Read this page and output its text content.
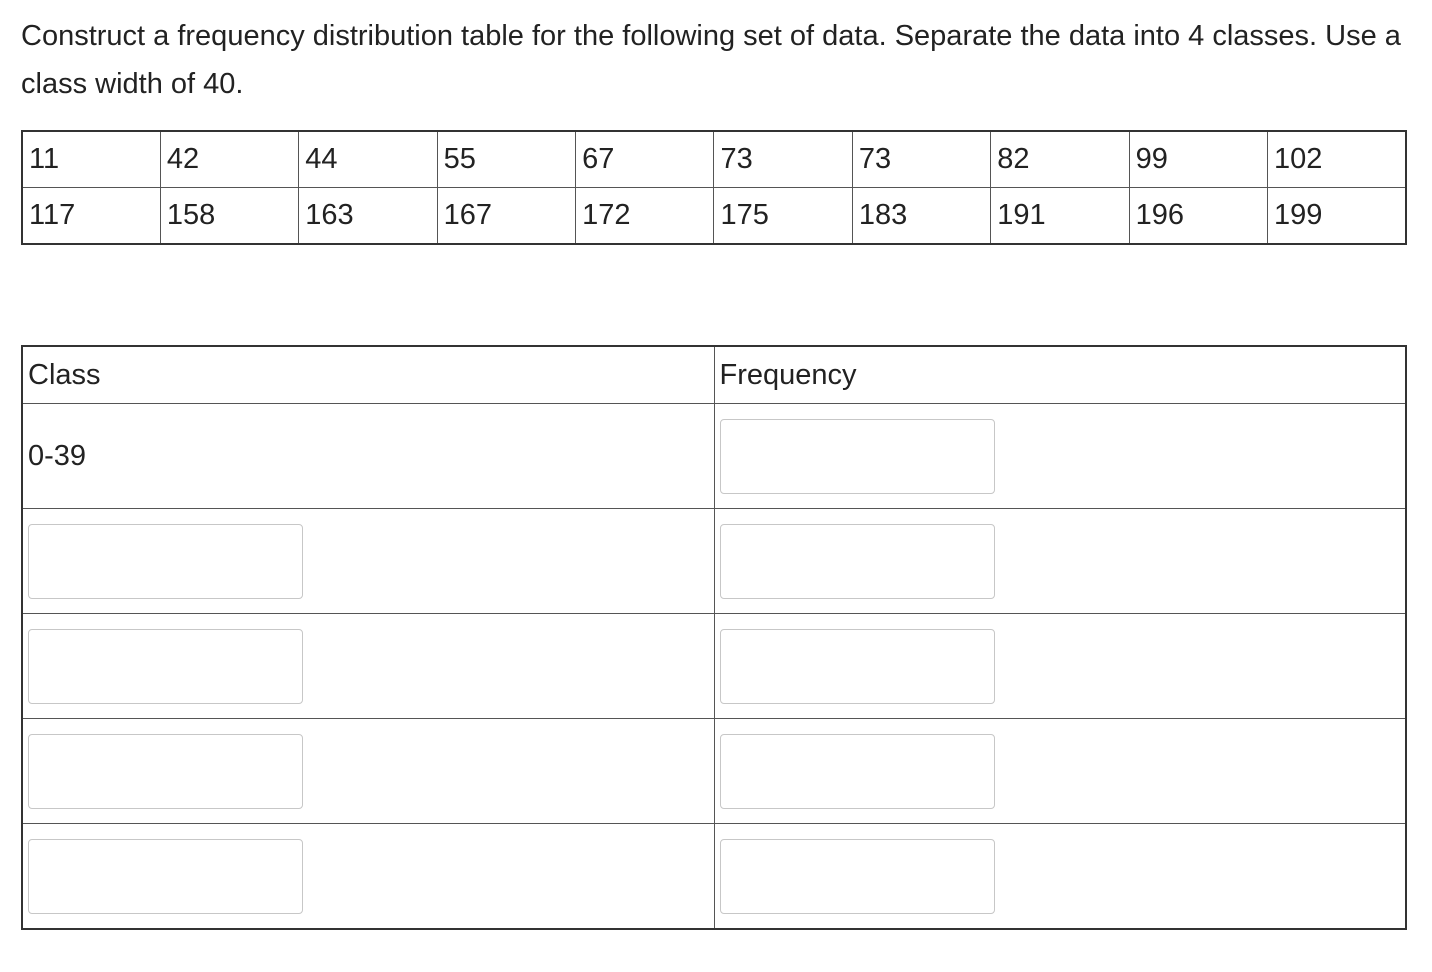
Construct a frequency distribution table for the following set of data. Separate the data into 4 classes. Use a class width of 40.

11	42	44	55	67	73	73	82	99	102
117	158	163	167	172	175	183	191	196	199
Class	Frequency

0-39
